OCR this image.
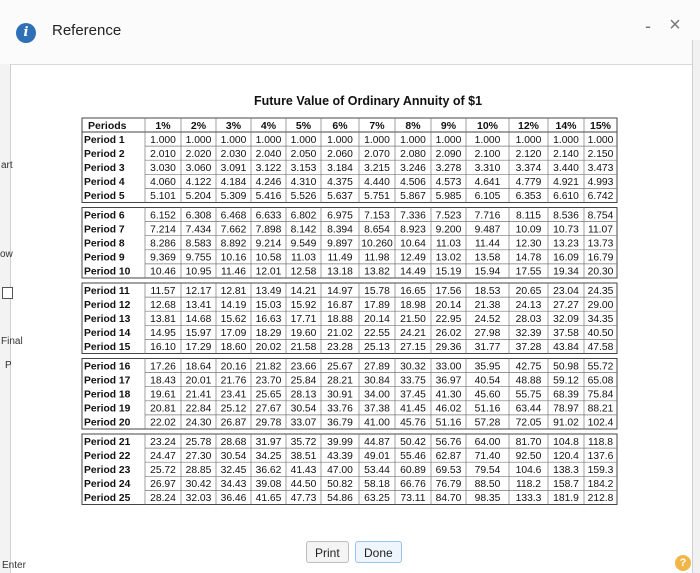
i	Reference	- ×
art
ow
Final
P
Enter
Future Value of Ordinary Annuity of $1
Periods	1% 2% 3% 4% 5% 6% 7% 8% 9% 10% 12% 14% 15%
Period 1 1.000 1.000 1.000 1.000 1.000 1.000 1.000 1.000 1.000 1.000 1.000 1.000 1.000
Period 2 2.010 2.020 2.030 2.040 2.050 2.060 2.070 2.080 2.090 2.100 2.120 2.140 2.150
Period 3 3.030 3.060 3.091 3.122 3.153 3.184 3.215 3.246 3.278 3.310 3.374 3.440 3.473
Period 4 4.060 4.122 4.184 4.246 4.310 4.375 4.440 4.506 4.573 4.641 4.779 4.921 4.993
Period 5 5.101 5.204 5.309 5.416 5.526 5.637 5.751 5.867 5.985 6.105 6.353 6.610 6.742
Period 6 6.152 6.308 6.468 6.633 6.802 6.975 7.153 7.336 7.523 7.716 8.115 8.536 8.754
Period 7 7.214 7.434 7.662 7.898 8.142 8.394 8.654 8.923 9.200 9.487 10.09 10.73 11.07
Period 8 8.286 8.583 8.892 9.214 9.549 9.897 10.260 10.64 11.03 11.44 12.30 13.23 13.73
Period 9 9.369 9.755 10.16 10.58 11.03 11.49 11.98 12.49 13.02 13.58 14.78 16.09 16.79
Period 10 10.46 10.95 11.46 12.01 12.58 13.18 13.82 14.49 15.19 15.94 17.55 19.34 20.30
Period 11 11.57 12.17 12.81 13.49 14.21 14.97 15.78 16.65 17.56 18.53 20.65 23.04 24.35
Period 12 12.68 13.41 14.19 15.03 15.92 16.87 17.89 18.98 20.14 21.38 24.13 27.27 29.00
Period 13 13.81 14.68 15.62 16.63 17.71 18.88 20.14 21.50 22.95 24.52 28.03 32.09 34.35
Period 14 14.95 15.97 17.09 18.29 19.60 21.02 22.55 24.21 26.02 27.98 32.39 37.58 40.50
Period 15 16.10 17.29 18.60 20.02 21.58 23.28 25.13 27.15 29.36 31.77 37.28 43.84 47.58
Period 16 17.26 18.64 20.16 21.82 23.66 25.67 27.89 30.32 33.00 35.95 42.75 50.98 55.72
Period 17 18.43 20.01 21.76 23.70 25.84 28.21 30.84 33.75 36.97 40.54 48.88 59.12 65.08
Period 18 19.61 21.41 23.41 25.65 28.13 30.91 34.00 37.45 41.30 45.60 55.75 68.39 75.84
Period 19 20.81 22.84 25.12 27.67 30.54 33.76 37.38 41.45 46.02 51.16 63.44 78.97 88.21
Period 20 22.02 24.30 26.87 29.78 33.07 36.79 41.00 45.76 51.16 57.28 72.05 91.02 102.4
Period 21 23.24 25.78 28.68 31.97 35.72 39.99 44.87 50.42 56.76 64.00 81.70 104.8 118.8
Period 22 24.47 27.30 30.54 34.25 38.51 43.39 49.01 55.46 62.87 71.40 92.50 120.4 137.6
Period 23 25.72 28.85 32.45 36.62 41.43 47.00 53.44 60.89 69.53 79.54 104.6 138.3 159.3
Period 24 26.97 30.42 34.43 39.08 44.50 50.82 58.18 66.76 76.79 88.50 118.2 158.7 184.2
Period 25 28.24 32.03 36.46 41.65 47.73 54.86 63.25 73.11 84.70 98.35 133.3 181.9 212.8
Print	Done
?
